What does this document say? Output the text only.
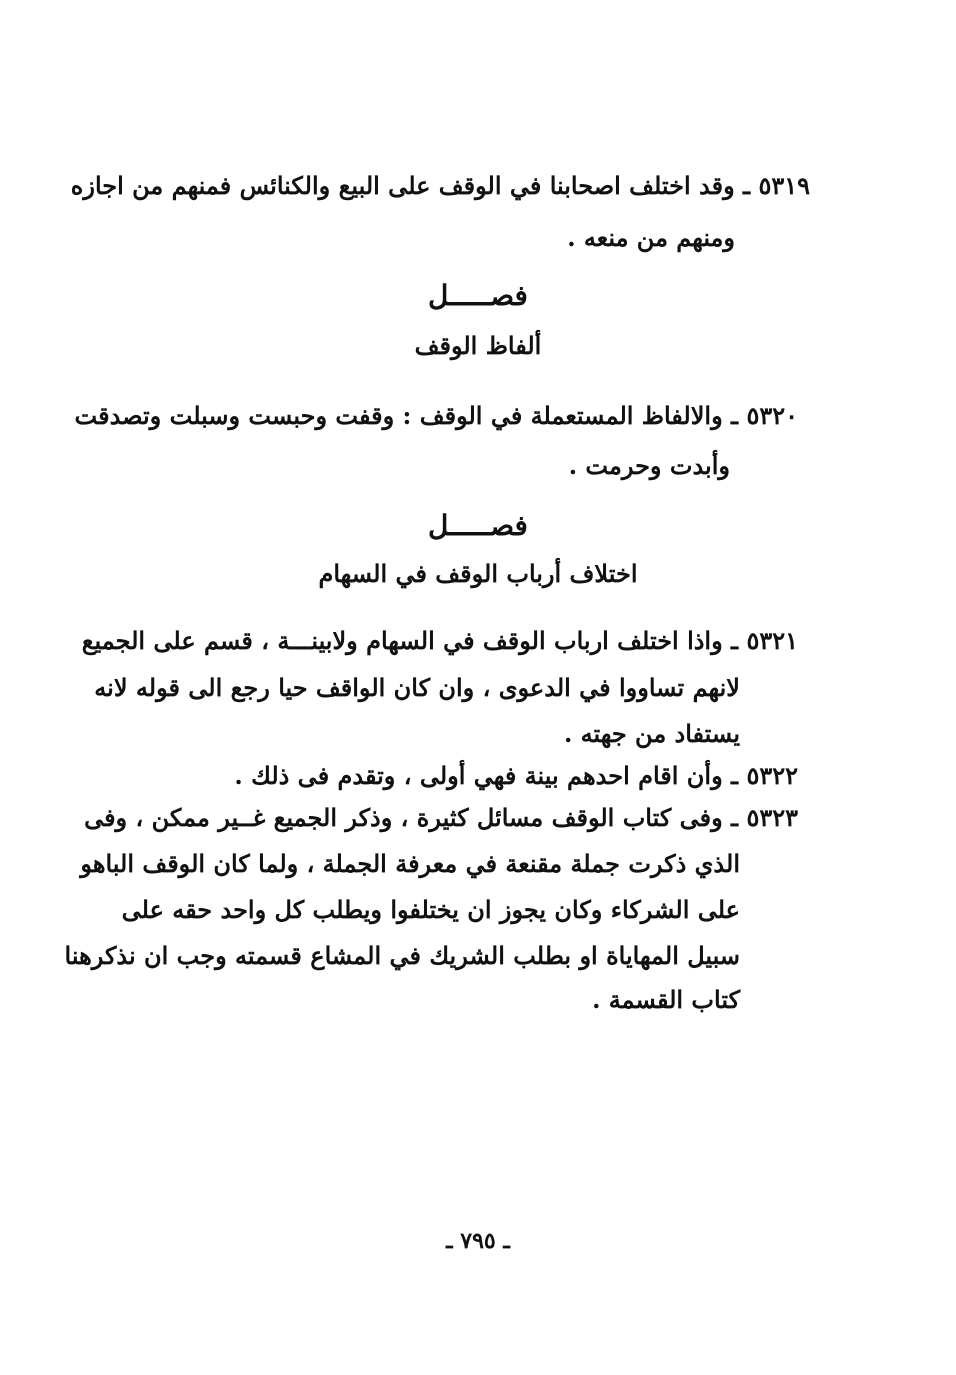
٥٣١٩ ـ وقد اختلف اصحابنا في الوقف على البيع والكنائس فمنهم من اجازه
ومنهم من منعه .
فصـــــل
ألفاظ الوقف
٥٣٢٠ ـ والالفاظ المستعملة في الوقف : وقفت وحبست وسبلت وتصدقت
وأبدت وحرمت .
فصـــــل
اختلاف أرباب الوقف في السهام
٥٣٢١ ـ واذا اختلف ارباب الوقف في السهام ولابينـــة ، قسم على الجميع
لانهم تساووا في الدعوى ، وان كان الواقف حيا رجع الى قوله لانه
يستفاد من جهته .
٥٣٢٢ ـ وأن اقام احدهم بينة فهي أولى ، وتقدم فى ذلك .
٥٣٢٣ ـ وفى كتاب الوقف مسائل كثيرة ، وذكر الجميع غــير ممكن ، وفى
الذي ذكرت جملة مقنعة في معرفة الجملة ، ولما كان الوقف الباهو
على الشركاء وكان يجوز ان يختلفوا ويطلب كل واحد حقه على
سبيل المهاياة او بطلب الشريك في المشاع قسمته وجب ان نذكرهنا
كتاب القسمة .
ـ ٧٩٥ ـ
